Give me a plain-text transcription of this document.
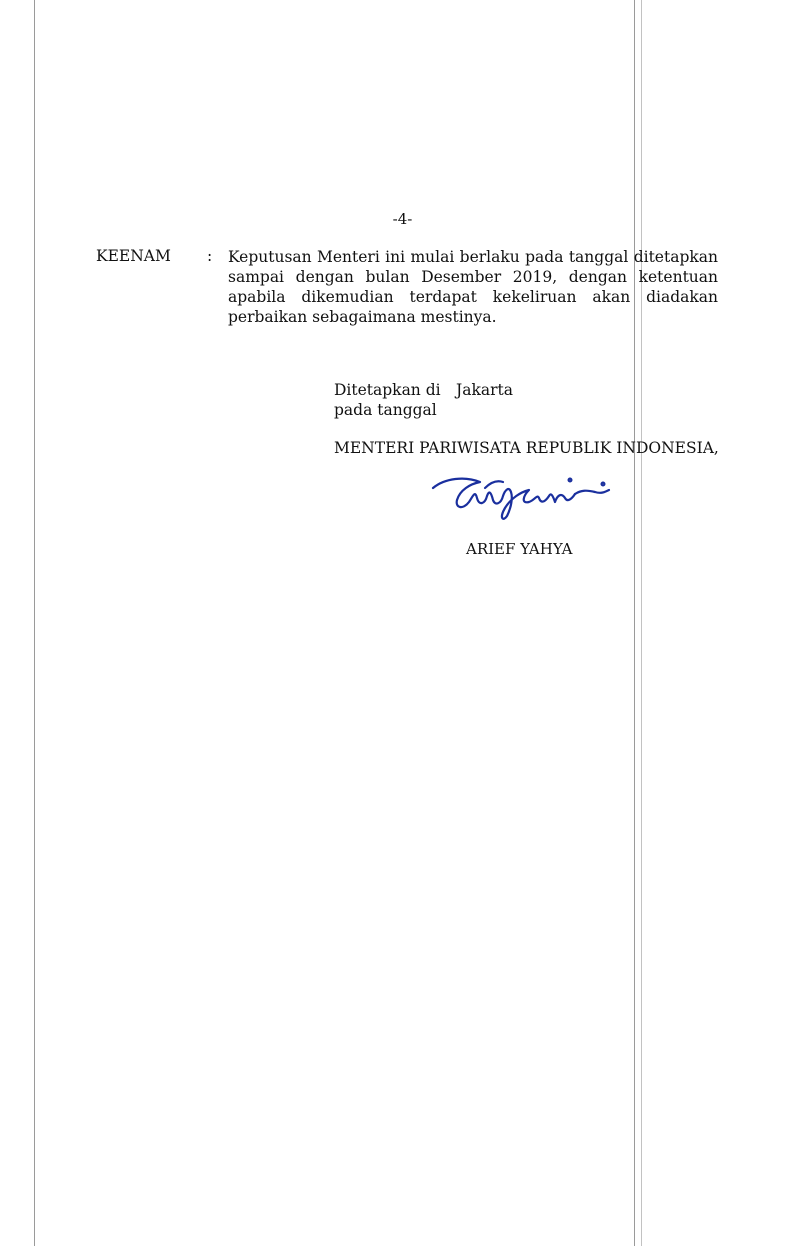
-4-
KEENAM : Keputusan Menteri ini mulai berlaku pada tanggal ditetapkan sampai dengan bulan Desember 2019, dengan ketentuan apabila dikemudian terdapat kekeliruan akan diadakan perbaikan sebagaimana mestinya.
Ditetapkan di Jakarta
pada tanggal
MENTERI PARIWISATA REPUBLIK INDONESIA,
ARIEF YAHYA
